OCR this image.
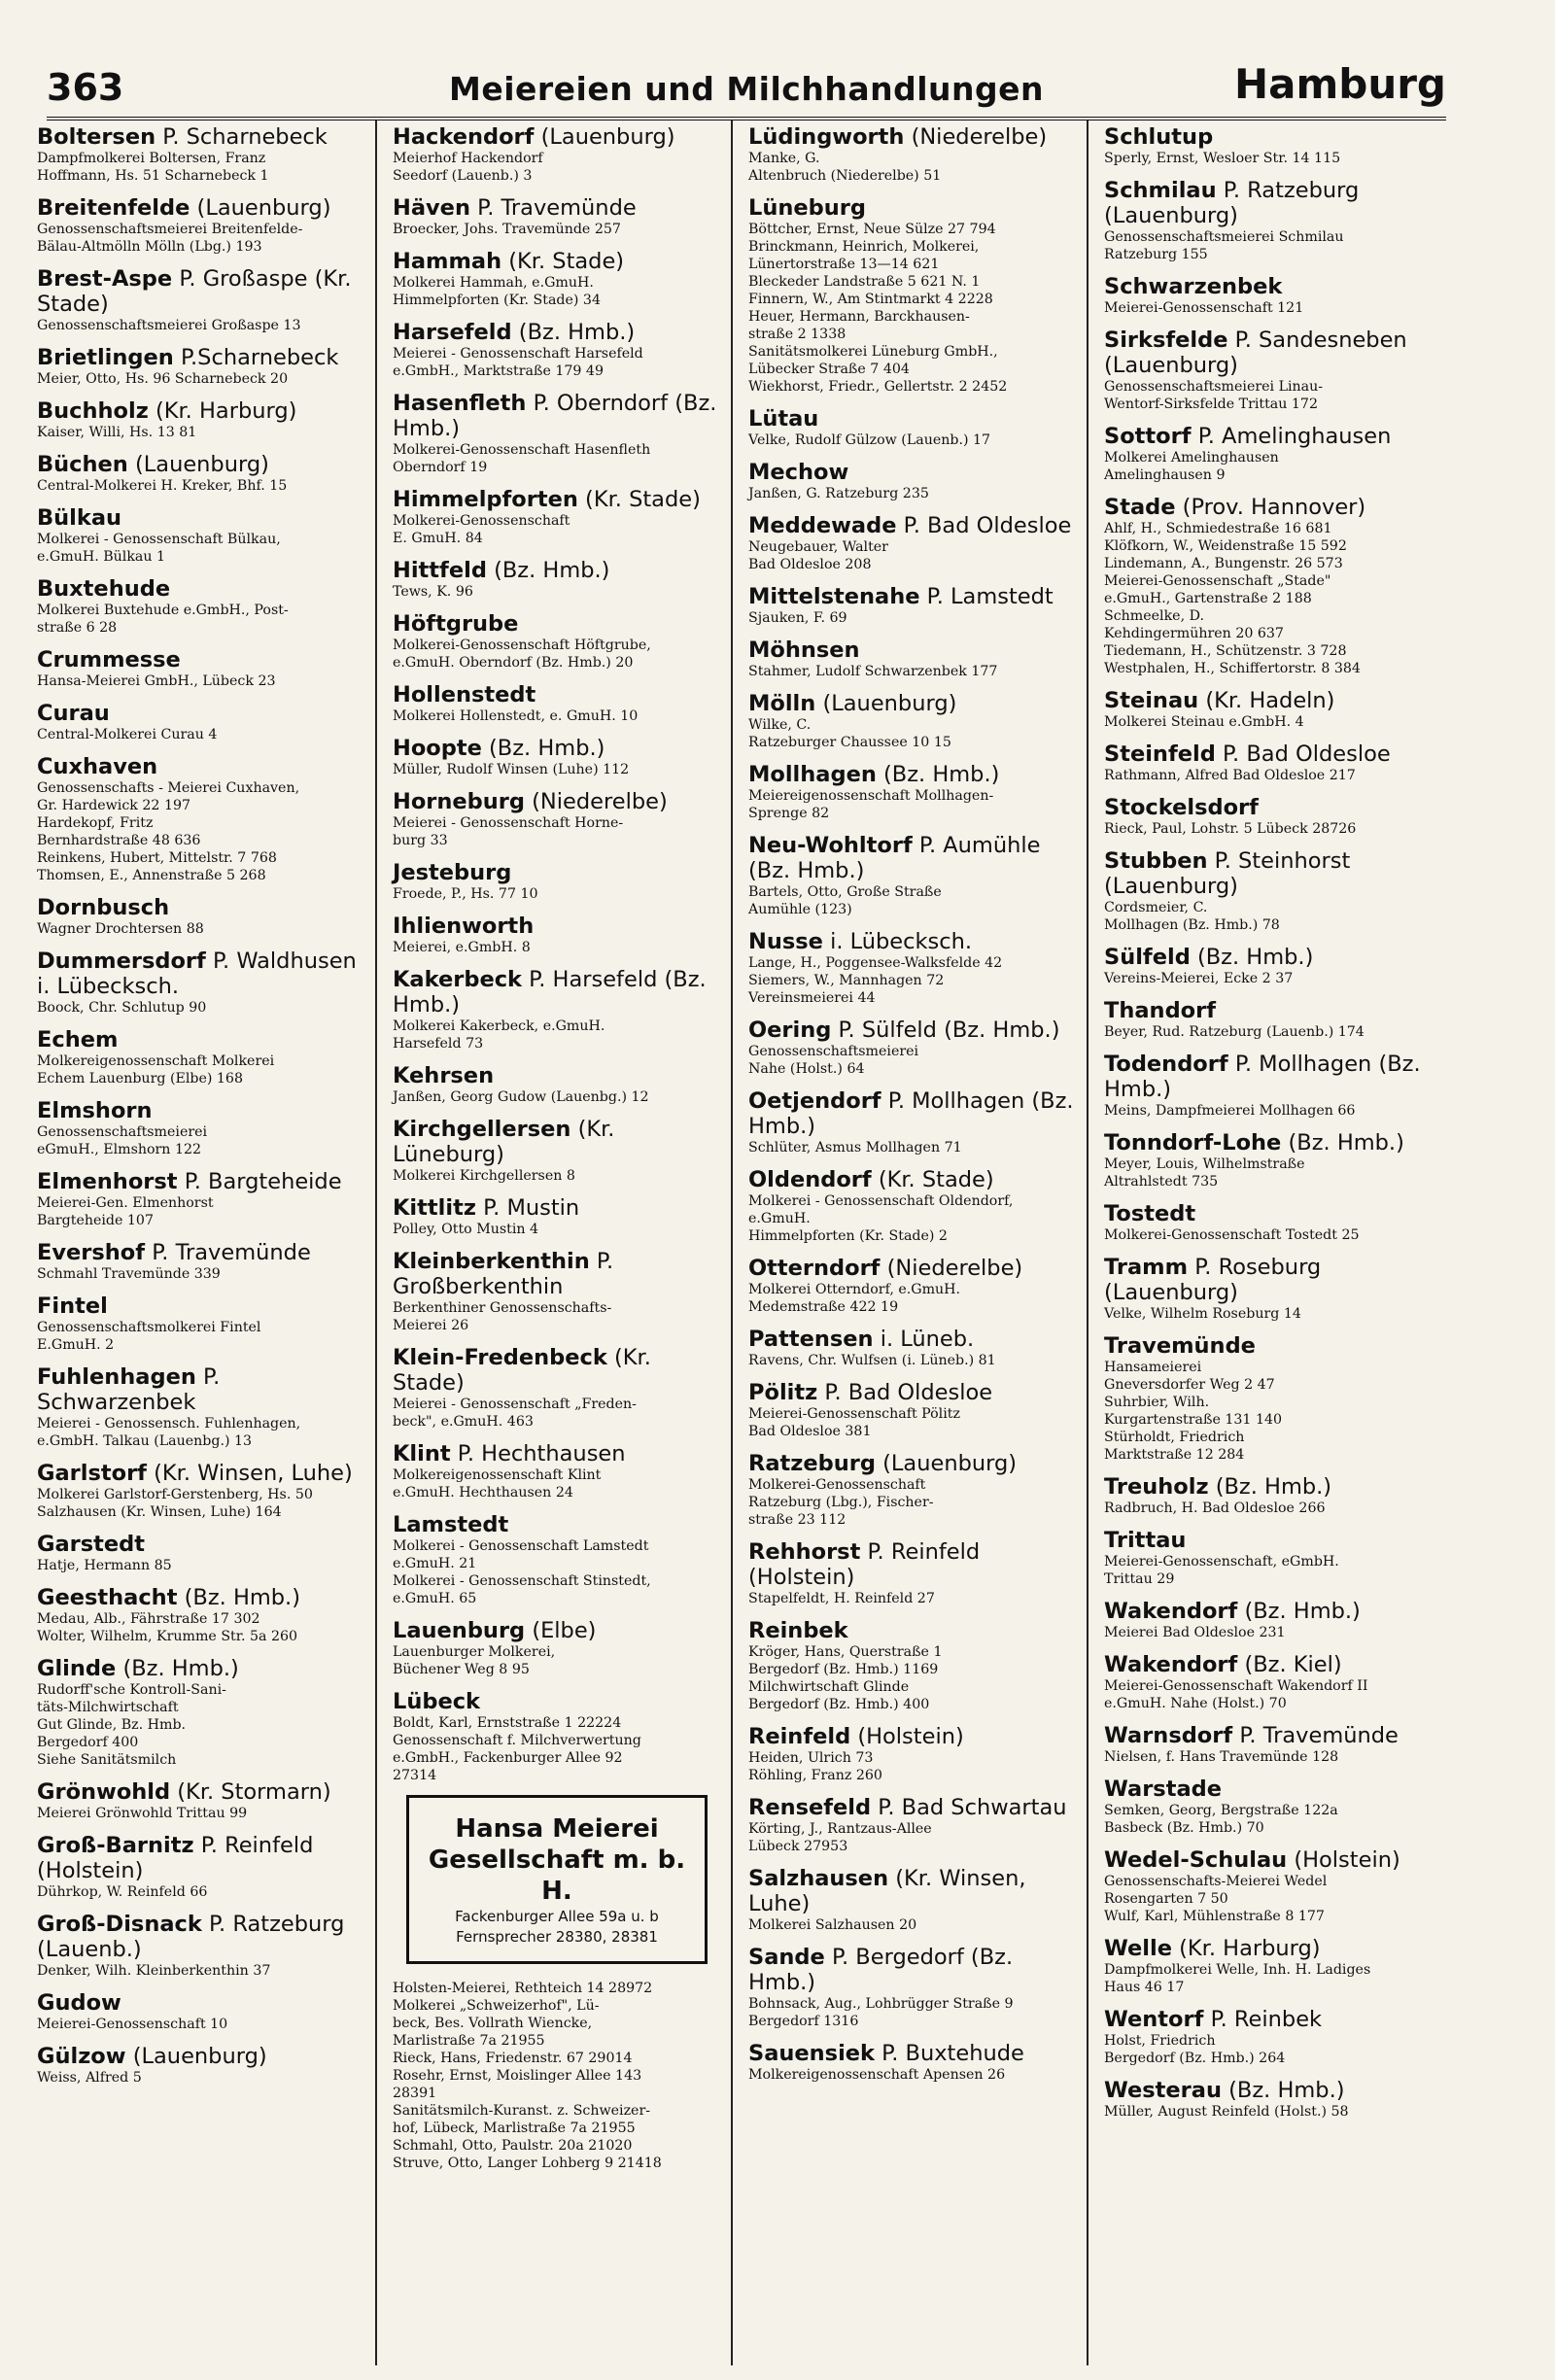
363	Meiereien und Milchhandlungen	Hamburg
Boltersen P. Scharnebeck
Dampfmolkerei Boltersen, Franz
Hoffmann, Hs. 51 Scharnebeck 1
Breitenfelde (Lauenburg)
Genossenschaftsmeierei Breitenfelde-
Bälau-Altmölln Mölln (Lbg.) 193
Brest-Aspe P. Großaspe (Kr. Stade)
Genossenschaftsmeierei Großaspe 13
Brietlingen P.Scharnebeck
Meier, Otto, Hs. 96 Scharnebeck 20
Buchholz (Kr. Harburg)
Kaiser, Willi, Hs. 13 81
Büchen (Lauenburg)
Central-Molkerei H. Kreker, Bhf. 15
Bülkau
Molkerei - Genossenschaft Bülkau,
e.GmuH. Bülkau 1
Buxtehude
Molkerei Buxtehude e.GmbH., Post-
straße 6 28
Crummesse
Hansa-Meierei GmbH., Lübeck 23
Curau
Central-Molkerei Curau 4
Cuxhaven
Genossenschafts - Meierei Cuxhaven,
Gr. Hardewick 22 197
Hardekopf, Fritz
Bernhardstraße 48 636
Reinkens, Hubert, Mittelstr. 7 768
Thomsen, E., Annenstraße 5 268
Dornbusch
Wagner Drochtersen 88
Dummersdorf P. Waldhusen i. Lübecksch.
Boock, Chr. Schlutup 90
Echem
Molkereigenossenschaft Molkerei
Echem Lauenburg (Elbe) 168
Elmshorn
Genossenschaftsmeierei
eGmuH., Elmshorn 122
Elmenhorst P. Bargteheide
Meierei-Gen. Elmenhorst
Bargteheide 107
Evershof P. Travemünde
Schmahl Travemünde 339
Fintel
Genossenschaftsmolkerei Fintel
E.GmuH. 2
Fuhlenhagen P. Schwarzenbek
Meierei - Genossensch. Fuhlenhagen,
e.GmbH. Talkau (Lauenbg.) 13
Garlstorf (Kr. Winsen, Luhe)
Molkerei Garlstorf-Gerstenberg, Hs. 50
Salzhausen (Kr. Winsen, Luhe) 164
Garstedt
Hatje, Hermann 85
Geesthacht (Bz. Hmb.)
Medau, Alb., Fährstraße 17 302
Wolter, Wilhelm, Krumme Str. 5a 260
Glinde (Bz. Hmb.)
Rudorff'sche Kontroll-Sani-
täts-Milchwirtschaft
Gut Glinde, Bz. Hmb.
Bergedorf 400
Siehe Sanitätsmilch
Grönwohld (Kr. Stormarn)
Meierei Grönwohld Trittau 99
Groß-Barnitz P. Reinfeld (Holstein)
Dührkop, W. Reinfeld 66
Groß-Disnack P. Ratzeburg (Lauenb.)
Denker, Wilh. Kleinberkenthin 37
Gudow
Meierei-Genossenschaft 10
Gülzow (Lauenburg)
Weiss, Alfred 5
Hackendorf (Lauenburg)
Meierhof Hackendorf
Seedorf (Lauenb.) 3
Häven P. Travemünde
Broecker, Johs. Travemünde 257
Hammah (Kr. Stade)
Molkerei Hammah, e.GmuH.
Himmelpforten (Kr. Stade) 34
Harsefeld (Bz. Hmb.)
Meierei - Genossenschaft Harsefeld
e.GmbH., Marktstraße 179 49
Hasenfleth P. Oberndorf (Bz. Hmb.)
Molkerei-Genossenschaft Hasenfleth
Oberndorf 19
Himmelpforten (Kr. Stade)
Molkerei-Genossenschaft
E. GmuH. 84
Hittfeld (Bz. Hmb.)
Tews, K. 96
Höftgrube
Molkerei-Genossenschaft Höftgrube,
e.GmuH. Oberndorf (Bz. Hmb.) 20
Hollenstedt
Molkerei Hollenstedt, e. GmuH. 10
Hoopte (Bz. Hmb.)
Müller, Rudolf Winsen (Luhe) 112
Horneburg (Niederelbe)
Meierei - Genossenschaft Horne-
burg 33
Jesteburg
Froede, P., Hs. 77 10
Ihlienworth
Meierei, e.GmbH. 8
Kakerbeck P. Harsefeld (Bz. Hmb.)
Molkerei Kakerbeck, e.GmuH.
Harsefeld 73
Kehrsen
Janßen, Georg Gudow (Lauenbg.) 12
Kirchgellersen (Kr. Lüneburg)
Molkerei Kirchgellersen 8
Kittlitz P. Mustin
Polley, Otto Mustin 4
Kleinberkenthin P. Großberkenthin
Berkenthiner Genossenschafts-
Meierei 26
Klein-Fredenbeck (Kr. Stade)
Meierei - Genossenschaft „Freden-
beck", e.GmuH. 463
Klint P. Hechthausen
Molkereigenossenschaft Klint
e.GmuH. Hechthausen 24
Lamstedt
Molkerei - Genossenschaft Lamstedt
e.GmuH. 21
Molkerei - Genossenschaft Stinstedt,
e.GmuH. 65
Lauenburg (Elbe)
Lauenburger Molkerei,
Büchener Weg 8 95
Lübeck
Boldt, Karl, Ernststraße 1 22224
Genossenschaft f. Milchverwertung
e.GmbH., Fackenburger Allee 92
27314
Hansa Meierei
Gesellschaft m. b. H.
Fackenburger Allee 59a u. b
Fernsprecher 28380, 28381
Holsten-Meierei, Rethteich 14 28972
Molkerei „Schweizerhof", Lü-
beck, Bes. Vollrath Wiencke,
Marlistraße 7a 21955
Rieck, Hans, Friedenstr. 67 29014
Rosehr, Ernst, Moislinger Allee 143
28391
Sanitätsmilch-Kuranst. z. Schweizer-
hof, Lübeck, Marlistraße 7a 21955
Schmahl, Otto, Paulstr. 20a 21020
Struve, Otto, Langer Lohberg 9 21418
Lüdingworth (Niederelbe)
Manke, G.
Altenbruch (Niederelbe) 51
Lüneburg
Böttcher, Ernst, Neue Sülze 27 794
Brinckmann, Heinrich, Molkerei,
Lünertorstraße 13—14 621
Bleckeder Landstraße 5 621 N. 1
Finnern, W., Am Stintmarkt 4 2228
Heuer, Hermann, Barckhausen-
straße 2 1338
Sanitätsmolkerei Lüneburg GmbH.,
Lübecker Straße 7 404
Wiekhorst, Friedr., Gellertstr. 2 2452
Lütau
Velke, Rudolf Gülzow (Lauenb.) 17
Mechow
Janßen, G. Ratzeburg 235
Meddewade P. Bad Oldesloe
Neugebauer, Walter
Bad Oldesloe 208
Mittelstenahe P. Lamstedt
Sjauken, F. 69
Möhnsen
Stahmer, Ludolf Schwarzenbek 177
Mölln (Lauenburg)
Wilke, C.
Ratzeburger Chaussee 10 15
Mollhagen (Bz. Hmb.)
Meiereigenossenschaft Mollhagen-
Sprenge 82
Neu-Wohltorf P. Aumühle (Bz. Hmb.)
Bartels, Otto, Große Straße
Aumühle (123)
Nusse i. Lübecksch.
Lange, H., Poggensee-Walksfelde 42
Siemers, W., Mannhagen 72
Vereinsmeierei 44
Oering P. Sülfeld (Bz. Hmb.)
Genossenschaftsmeierei
Nahe (Holst.) 64
Oetjendorf P. Mollhagen (Bz. Hmb.)
Schlüter, Asmus Mollhagen 71
Oldendorf (Kr. Stade)
Molkerei - Genossenschaft Oldendorf,
e.GmuH.
Himmelpforten (Kr. Stade) 2
Otterndorf (Niederelbe)
Molkerei Otterndorf, e.GmuH.
Medemstraße 422 19
Pattensen i. Lüneb.
Ravens, Chr. Wulfsen (i. Lüneb.) 81
Pölitz P. Bad Oldesloe
Meierei-Genossenschaft Pölitz
Bad Oldesloe 381
Ratzeburg (Lauenburg)
Molkerei-Genossenschaft
Ratzeburg (Lbg.), Fischer-
straße 23 112
Rehhorst P. Reinfeld (Holstein)
Stapelfeldt, H. Reinfeld 27
Reinbek
Kröger, Hans, Querstraße 1
Bergedorf (Bz. Hmb.) 1169
Milchwirtschaft Glinde
Bergedorf (Bz. Hmb.) 400
Reinfeld (Holstein)
Heiden, Ulrich 73
Röhling, Franz 260
Rensefeld P. Bad Schwartau
Körting, J., Rantzaus-Allee
Lübeck 27953
Salzhausen (Kr. Winsen, Luhe)
Molkerei Salzhausen 20
Sande P. Bergedorf (Bz. Hmb.)
Bohnsack, Aug., Lohbrügger Straße 9
Bergedorf 1316
Sauensiek P. Buxtehude
Molkereigenossenschaft Apensen 26
Schlutup
Sperly, Ernst, Wesloer Str. 14 115
Schmilau P. Ratzeburg (Lauenburg)
Genossenschaftsmeierei Schmilau
Ratzeburg 155
Schwarzenbek
Meierei-Genossenschaft 121
Sirksfelde P. Sandesneben (Lauenburg)
Genossenschaftsmeierei Linau-
Wentorf-Sirksfelde Trittau 172
Sottorf P. Amelinghausen
Molkerei Amelinghausen
Amelinghausen 9
Stade (Prov. Hannover)
Ahlf, H., Schmiedestraße 16 681
Klöfkorn, W., Weidenstraße 15 592
Lindemann, A., Bungenstr. 26 573
Meierei-Genossenschaft „Stade"
e.GmuH., Gartenstraße 2 188
Schmeelke, D.
Kehdingermühren 20 637
Tiedemann, H., Schützenstr. 3 728
Westphalen, H., Schiffertorstr. 8 384
Steinau (Kr. Hadeln)
Molkerei Steinau e.GmbH. 4
Steinfeld P. Bad Oldesloe
Rathmann, Alfred Bad Oldesloe 217
Stockelsdorf
Rieck, Paul, Lohstr. 5 Lübeck 28726
Stubben P. Steinhorst (Lauenburg)
Cordsmeier, C.
Mollhagen (Bz. Hmb.) 78
Sülfeld (Bz. Hmb.)
Vereins-Meierei, Ecke 2 37
Thandorf
Beyer, Rud. Ratzeburg (Lauenb.) 174
Todendorf P. Mollhagen (Bz. Hmb.)
Meins, Dampfmeierei Mollhagen 66
Tonndorf-Lohe (Bz. Hmb.)
Meyer, Louis, Wilhelmstraße
Altrahlstedt 735
Tostedt
Molkerei-Genossenschaft Tostedt 25
Tramm P. Roseburg (Lauenburg)
Velke, Wilhelm Roseburg 14
Travemünde
Hansameierei
Gneversdorfer Weg 2 47
Suhrbier, Wilh.
Kurgartenstraße 131 140
Stürholdt, Friedrich
Marktstraße 12 284
Treuholz (Bz. Hmb.)
Radbruch, H. Bad Oldesloe 266
Trittau
Meierei-Genossenschaft, eGmbH.
Trittau 29
Wakendorf (Bz. Hmb.)
Meierei Bad Oldesloe 231
Wakendorf (Bz. Kiel)
Meierei-Genossenschaft Wakendorf II
e.GmuH. Nahe (Holst.) 70
Warnsdorf P. Travemünde
Nielsen, f. Hans Travemünde 128
Warstade
Semken, Georg, Bergstraße 122a
Basbeck (Bz. Hmb.) 70
Wedel-Schulau (Holstein)
Genossenschafts-Meierei Wedel
Rosengarten 7 50
Wulf, Karl, Mühlenstraße 8 177
Welle (Kr. Harburg)
Dampfmolkerei Welle, Inh. H. Ladiges
Haus 46 17
Wentorf P. Reinbek
Holst, Friedrich
Bergedorf (Bz. Hmb.) 264
Westerau (Bz. Hmb.)
Müller, August Reinfeld (Holst.) 58
